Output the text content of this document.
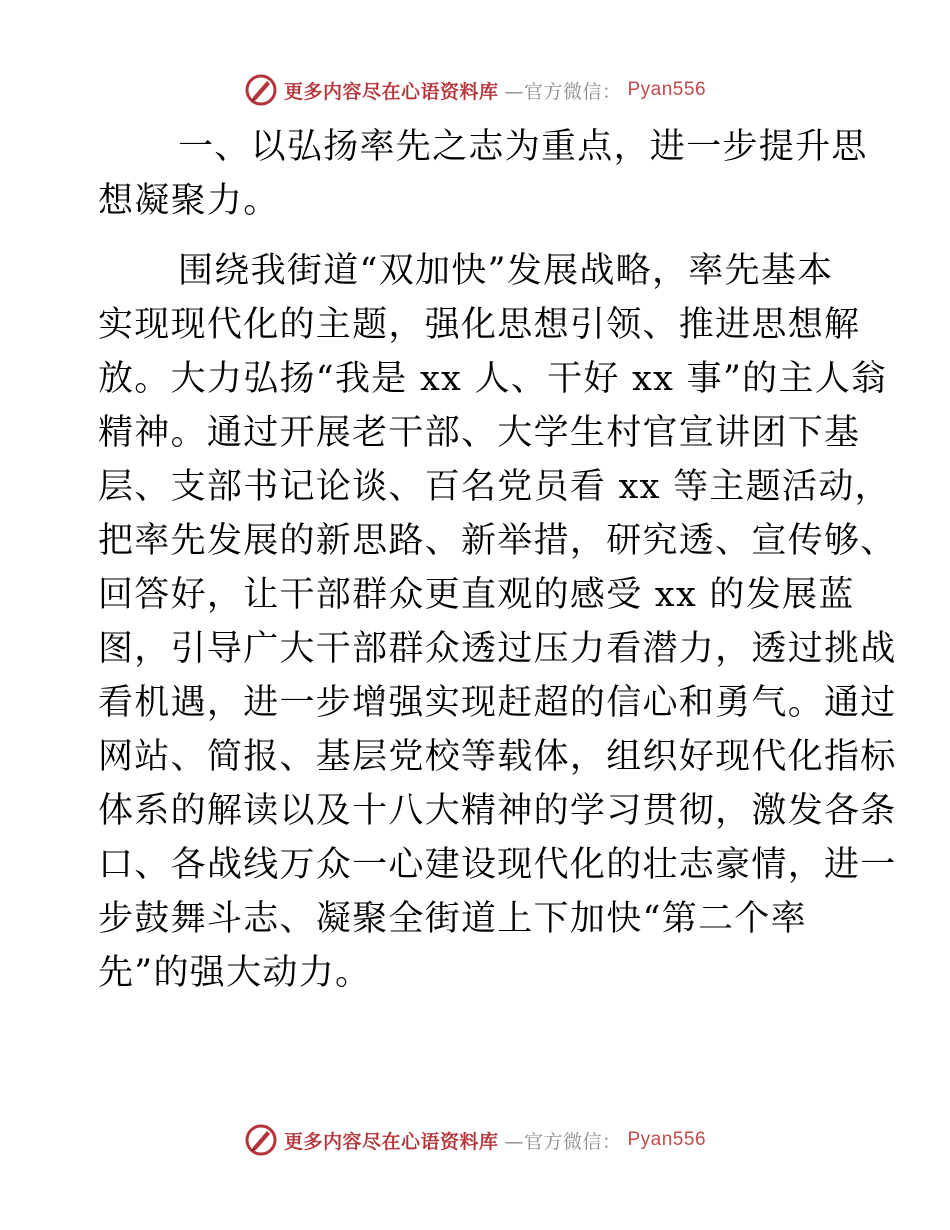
更多内容尽在心语资料库 —官方微信： Pyan556
一、以弘扬率先之志为重点，进一步提升思
想凝聚力。
围绕我街道“双加快”发展战略，率先基本
实现现代化的主题，强化思想引领、推进思想解
放。大力弘扬“我是 xx 人、干好 xx 事”的主人翁
精神。通过开展老干部、大学生村官宣讲团下基
层、支部书记论谈、百名党员看 xx 等主题活动，
把率先发展的新思路、新举措，研究透、宣传够、
回答好，让干部群众更直观的感受 xx 的发展蓝
图，引导广大干部群众透过压力看潜力，透过挑战
看机遇，进一步增强实现赶超的信心和勇气。通过
网站、简报、基层党校等载体，组织好现代化指标
体系的解读以及十八大精神的学习贯彻，激发各条
口、各战线万众一心建设现代化的壮志豪情，进一
步鼓舞斗志、凝聚全街道上下加快“第二个率
先”的强大动力。
更多内容尽在心语资料库 —官方微信： Pyan556
